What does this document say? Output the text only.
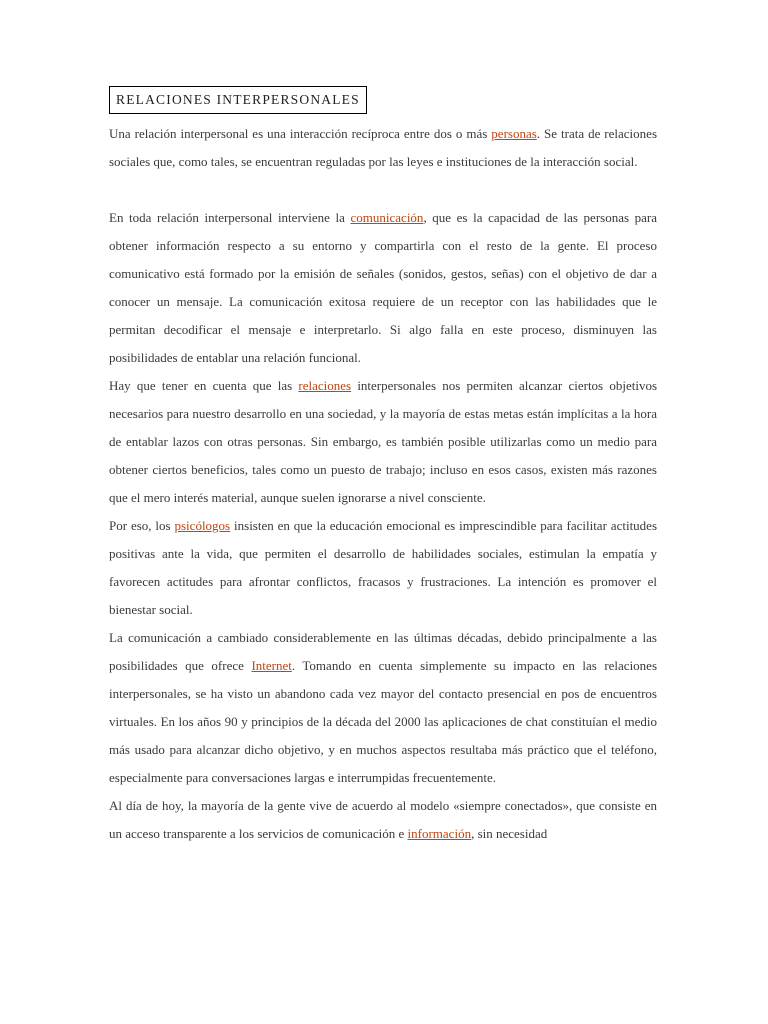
RELACIONES INTERPERSONALES

Una relación interpersonal es una interacción recíproca entre dos o más personas. Se trata de relaciones sociales que, como tales, se encuentran reguladas por las leyes e instituciones de la interacción social.

En toda relación interpersonal interviene la comunicación, que es la capacidad de las personas para obtener información respecto a su entorno y compartirla con el resto de la gente. El proceso comunicativo está formado por la emisión de señales (sonidos, gestos, señas) con el objetivo de dar a conocer un mensaje. La comunicación exitosa requiere de un receptor con las habilidades que le permitan decodificar el mensaje e interpretarlo. Si algo falla en este proceso, disminuyen las posibilidades de entablar una relación funcional.

Hay que tener en cuenta que las relaciones interpersonales nos permiten alcanzar ciertos objetivos necesarios para nuestro desarrollo en una sociedad, y la mayoría de estas metas están implícitas a la hora de entablar lazos con otras personas. Sin embargo, es también posible utilizarlas como un medio para obtener ciertos beneficios, tales como un puesto de trabajo; incluso en esos casos, existen más razones que el mero interés material, aunque suelen ignorarse a nivel consciente.

Por eso, los psicólogos insisten en que la educación emocional es imprescindible para facilitar actitudes positivas ante la vida, que permiten el desarrollo de habilidades sociales, estimulan la empatía y favorecen actitudes para afrontar conflictos, fracasos y frustraciones. La intención es promover el bienestar social.

La comunicación a cambiado considerablemente en las últimas décadas, debido principalmente a las posibilidades que ofrece Internet. Tomando en cuenta simplemente su impacto en las relaciones interpersonales, se ha visto un abandono cada vez mayor del contacto presencial en pos de encuentros virtuales. En los años 90 y principios de la década del 2000 las aplicaciones de chat constituían el medio más usado para alcanzar dicho objetivo, y en muchos aspectos resultaba más práctico que el teléfono, especialmente para conversaciones largas e interrumpidas frecuentemente.

Al día de hoy, la mayoría de la gente vive de acuerdo al modelo «siempre conectados», que consiste en un acceso transparente a los servicios de comunicación e información, sin necesidad
